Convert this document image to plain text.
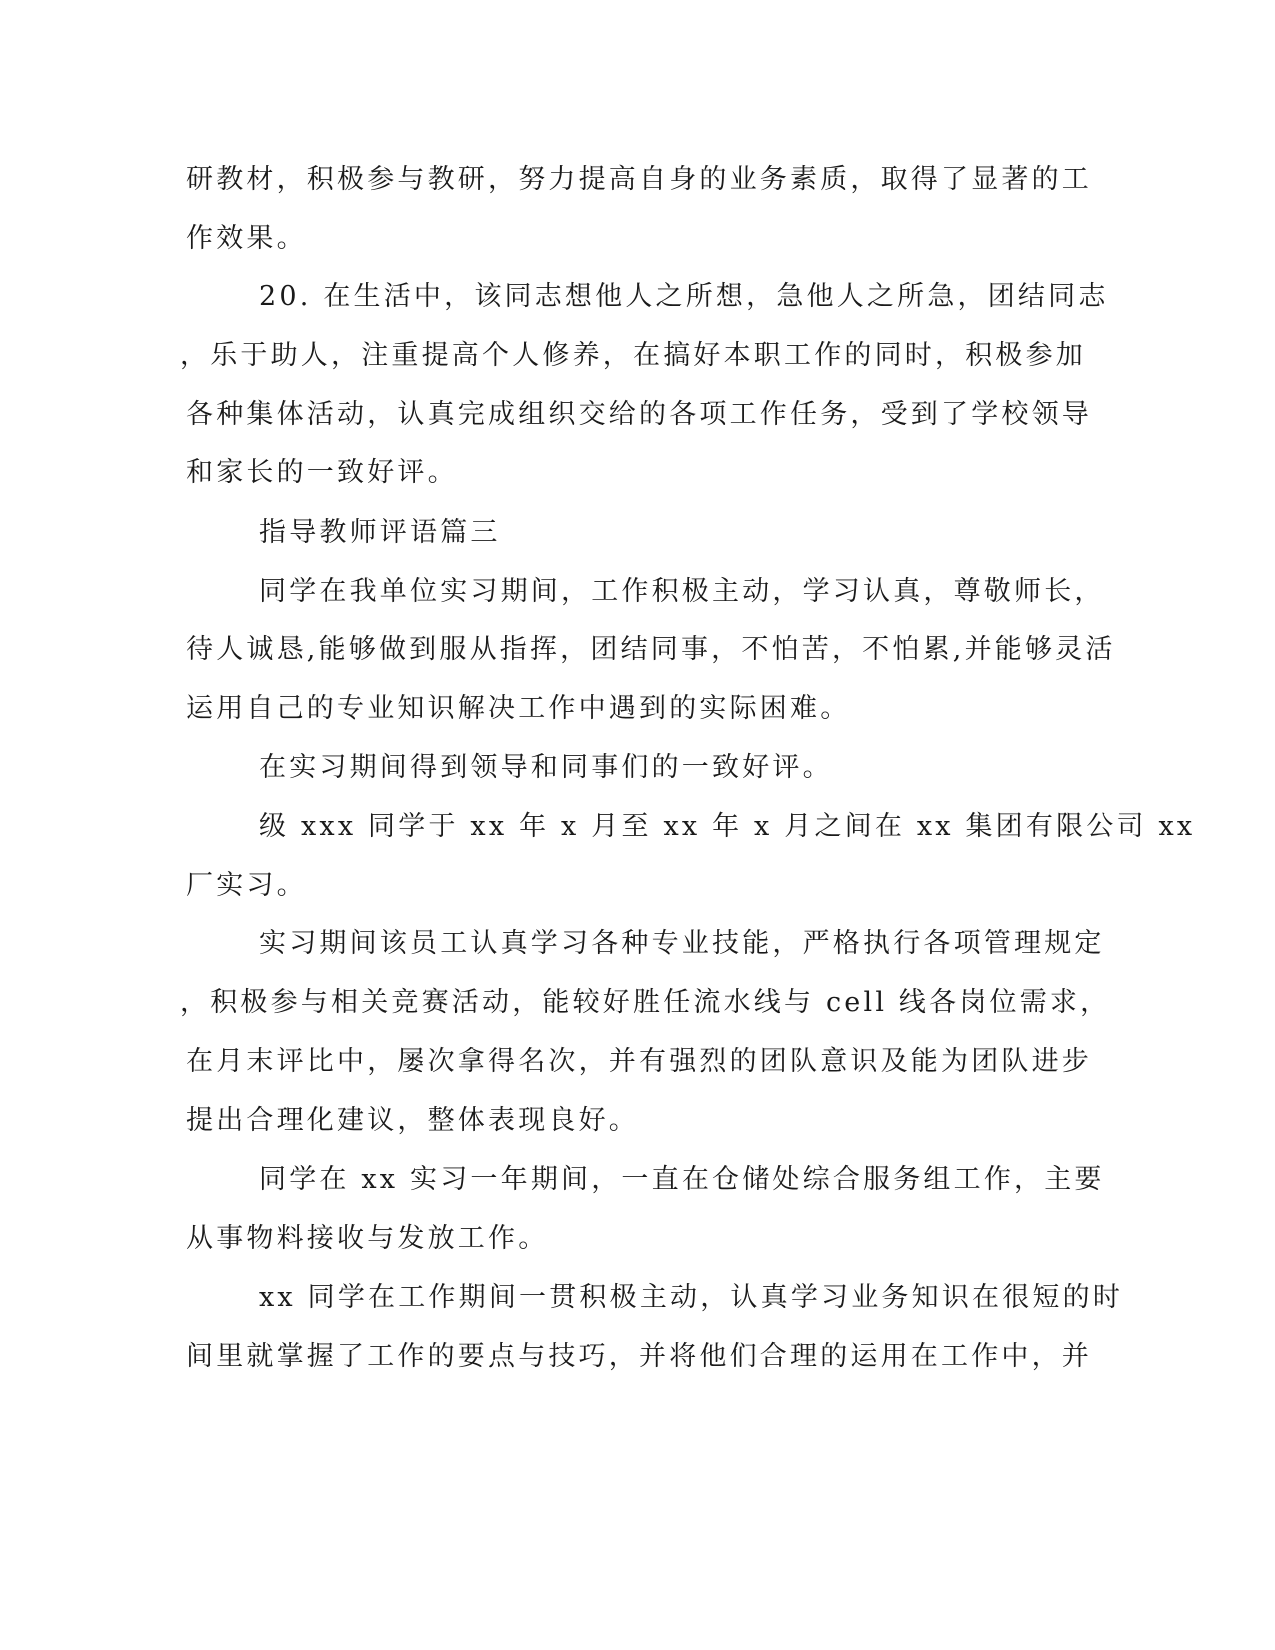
研教材，积极参与教研，努力提高自身的业务素质，取得了显著的工

作效果。

20. 在生活中，该同志想他人之所想，急他人之所急，团结同志

，乐于助人，注重提高个人修养，在搞好本职工作的同时，积极参加

各种集体活动，认真完成组织交给的各项工作任务，受到了学校领导

和家长的一致好评。

指导教师评语篇三

同学在我单位实习期间，工作积极主动，学习认真，尊敬师长，

待人诚恳,能够做到服从指挥，团结同事，不怕苦，不怕累,并能够灵活

运用自己的专业知识解决工作中遇到的实际困难。

在实习期间得到领导和同事们的一致好评。

级 xxx 同学于 xx 年 x 月至 xx 年 x 月之间在 xx 集团有限公司 xx

厂实习。

实习期间该员工认真学习各种专业技能，严格执行各项管理规定

，积极参与相关竞赛活动，能较好胜任流水线与 cell 线各岗位需求，

在月末评比中，屡次拿得名次，并有强烈的团队意识及能为团队进步

提出合理化建议，整体表现良好。

同学在 xx 实习一年期间，一直在仓储处综合服务组工作，主要

从事物料接收与发放工作。

xx 同学在工作期间一贯积极主动，认真学习业务知识在很短的时

间里就掌握了工作的要点与技巧，并将他们合理的运用在工作中，并
